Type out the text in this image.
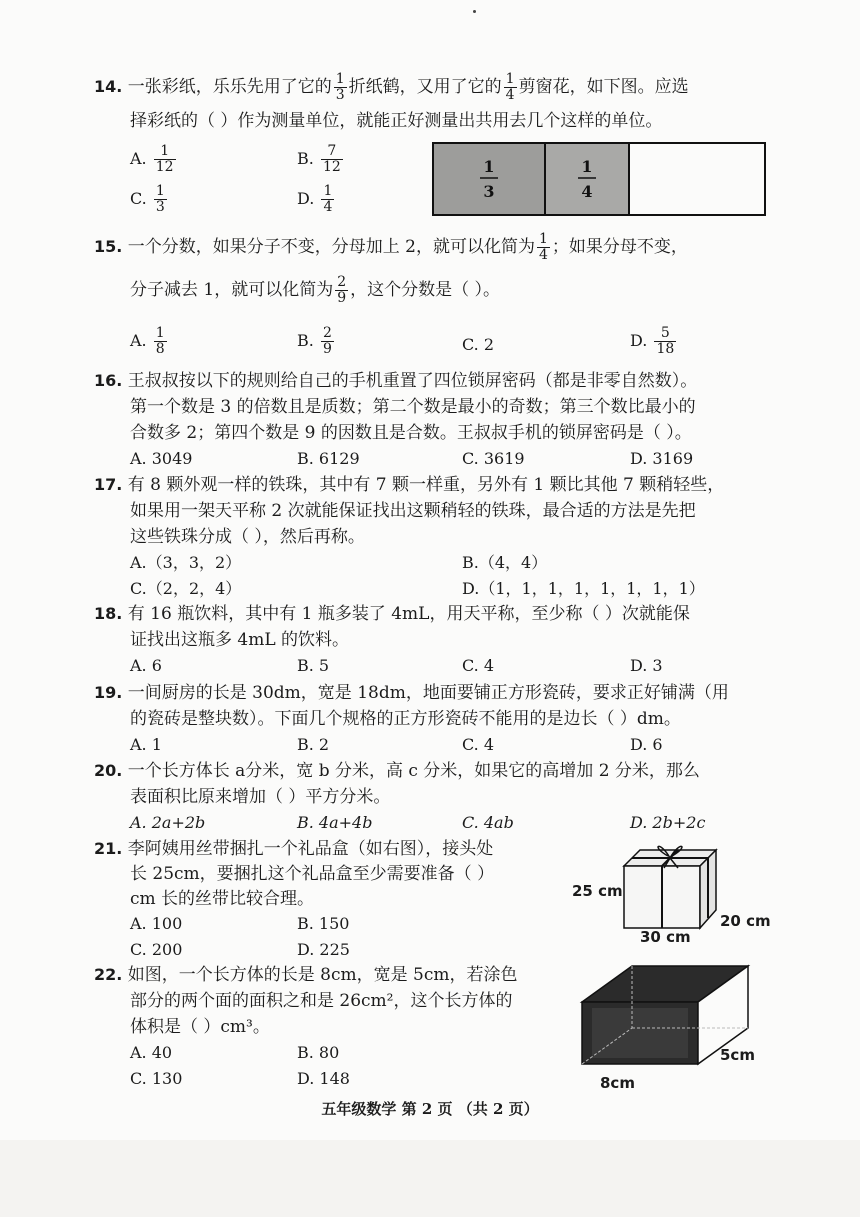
14. 一张彩纸，乐乐先用了它的 $\frac{1}{3}$ 折纸鹤，又用了它的 $\frac{1}{4}$ 剪窗花，如下图。应选
择彩纸的（ ）作为测量单位，就能正好测量出共用去几个这样的单位。
A. $\frac{1}{12}$	B. $\frac{7}{12}$
C. $\frac{1}{3}$	D. $\frac{1}{4}$
1
3
1
4
15. 一个分数，如果分子不变，分母加上 2，就可以化简为 $\frac{1}{4}$ ；如果分母不变，
分子减去 1，就可以化简为 $\frac{2}{9}$ ，这个分数是（ ）。
A. $\frac{1}{8}$	B. $\frac{2}{9}$	C. 2	D. $\frac{5}{18}$
16. 王叔叔按以下的规则给自己的手机重置了四位锁屏密码（都是非零自然数）。
第一个数是 3 的倍数且是质数；第二个数是最小的奇数；第三个数比最小的
合数多 2；第四个数是 9 的因数且是合数。王叔叔手机的锁屏密码是（ ）。
A. 3049	B. 6129	C. 3619	D. 3169
17. 有 8 颗外观一样的铁珠，其中有 7 颗一样重，另外有 1 颗比其他 7 颗稍轻些，
如果用一架天平称 2 次就能保证找出这颗稍轻的铁珠，最合适的方法是先把
这些铁珠分成（ ），然后再称。
A.（3，3，2）	B.（4，4）
C.（2，2，4）	D.（1，1，1，1，1，1，1，1）
18. 有 16 瓶饮料，其中有 1 瓶多装了 4mL，用天平称，至少称（ ）次就能保
证找出这瓶多 4mL 的饮料。
A. 6	B. 5	C. 4	D. 3
19. 一间厨房的长是 30dm，宽是 18dm，地面要铺正方形瓷砖，要求正好铺满（用
的瓷砖是整块数）。下面几个规格的正方形瓷砖不能用的是边长（ ）dm。
A. 1	B. 2	C. 4	D. 6
20. 一个长方体长 a分米，宽 b 分米，高 c 分米，如果它的高增加 2 分米，那么
表面积比原来增加（ ）平方分米。
A. 2a+2b	B. 4a+4b	C. 4ab	D. 2b+2c
21. 李阿姨用丝带捆扎一个礼品盒（如右图），接头处
长 25cm，要捆扎这个礼品盒至少需要准备（ ）
cm 长的丝带比较合理。
A. 100	B. 150
C. 200	D. 225
25 cm
30 cm
20 cm
22. 如图，一个长方体的长是 8cm，宽是 5cm，若涂色
部分的两个面的面积之和是 26cm²，这个长方体的
体积是（ ）cm³。
A. 40	B. 80
C. 130	D. 148	8cm
5cm
五年级数学 第 2 页 （共 2 页）
